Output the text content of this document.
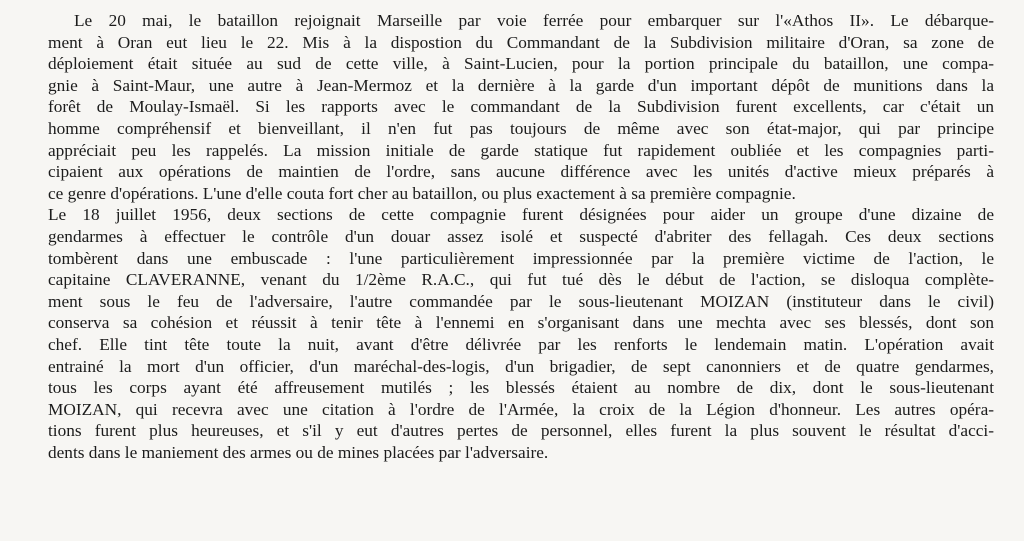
Le 20 mai, le bataillon rejoignait Marseille par voie ferrée pour embarquer sur l'«Athos II». Le débarque-
ment à Oran eut lieu le 22. Mis à la dispostion du Commandant de la Subdivision militaire d'Oran, sa zone de
déploiement était située au sud de cette ville, à Saint-Lucien, pour la portion principale du bataillon, une compa-
gnie à Saint-Maur, une autre à Jean-Mermoz et la dernière à la garde d'un important dépôt de munitions dans la
forêt de Moulay-Ismaël. Si les rapports avec le commandant de la Subdivision furent excellents, car c'était un
homme compréhensif et bienveillant, il n'en fut pas toujours de même avec son état-major, qui par principe
appréciait peu les rappelés. La mission initiale de garde statique fut rapidement oubliée et les compagnies parti-
cipaient aux opérations de maintien de l'ordre, sans aucune différence avec les unités d'active mieux préparés à
ce genre d'opérations. L'une d'elle couta fort cher au bataillon, ou plus exactement à sa première compagnie.
Le 18 juillet 1956, deux sections de cette compagnie furent désignées pour aider un groupe d'une dizaine de
gendarmes à effectuer le contrôle d'un douar assez isolé et suspecté d'abriter des fellagah. Ces deux sections
tombèrent dans une embuscade : l'une particulièrement impressionnée par la première victime de l'action, le
capitaine CLAVERANNE, venant du 1/2ème R.A.C., qui fut tué dès le début de l'action, se disloqua complète-
ment sous le feu de l'adversaire, l'autre commandée par le sous-lieutenant MOIZAN (instituteur dans le civil)
conserva sa cohésion et réussit à tenir tête à l'ennemi en s'organisant dans une mechta avec ses blessés, dont son
chef. Elle tint tête toute la nuit, avant d'être délivrée par les renforts le lendemain matin. L'opération avait
entrainé la mort d'un officier, d'un maréchal-des-logis, d'un brigadier, de sept canonniers et de quatre gendarmes,
tous les corps ayant été affreusement mutilés ; les blessés étaient au nombre de dix, dont le sous-lieutenant
MOIZAN, qui recevra avec une citation à l'ordre de l'Armée, la croix de la Légion d'honneur. Les autres opéra-
tions furent plus heureuses, et s'il y eut d'autres pertes de personnel, elles furent la plus souvent le résultat d'acci-
dents dans le maniement des armes ou de mines placées par l'adversaire.
